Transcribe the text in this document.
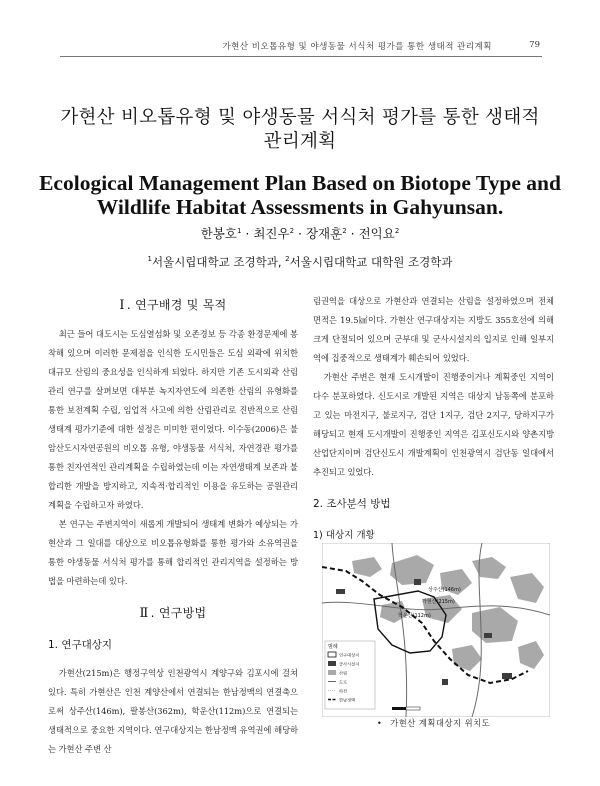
가현산 비오톱유형 및 야생동물 서식처 평가를 통한 생태적 관리계획	79
가현산 비오톱유형 및 야생동물 서식처 평가를 통한 생태적
관리계획
Ecological Management Plan Based on Biotope Type and
Wildlife Habitat Assessments in Gahyunsan.
한봉호$^1$ · 최진우$^2$ · 장재훈$^2$ · 전익요$^2$
$^1$서울시립대학교 조경학과, $^2$서울시립대학교 대학원 조경학과
Ⅰ . 연구배경 및 목적

최근 들어 대도시는 도심열섬화 및 오존경보 등 각종 환경문제에 봉착해 있으며 이러한 문제점을 인식한 도시민들은 도심 외곽에 위치한 대규모 산림의 중요성을 인식하게 되었다. 하지만 기존 도시외곽 산림 관리 연구를 살펴보면 대부분 녹지자연도에 의존한 산림의 유형화를 통한 보전계획 수립, 임업적 사고에 의한 산림관리로 진반적으로 산림생태계 평가기준에 대한 설정은 미미한 편이었다. 이수동(2006)은 불암산도시자연공원의 비오톱 유형, 야생동물 서식처, 자연경관 평가를 통한 친자연적인 관리계획을 수립하였는데 이는 자연생태계 보존과 불합리한 개발을 방지하고, 지속적·합리적인 이용을 유도하는 공원관리계획을 수립하고자 하였다.

본 연구는 주변지역이 새롭게 개발되어 생태계 변화가 예상되는 가현산과 그 일대를 대상으로 비오톱유형화를 통한 평가와 소유역권을 통한 야생동물 서식처 평가를 통해 합리적인 관리지역을 설정하는 방법을 마련하는데 있다.

Ⅱ . 연구방법
1. 연구대상지

가현산(215m)은 행정구역상 인천광역시 계양구와 김포시에 걸쳐있다. 특히 가현산은 인천 계양산에서 연결되는 한남정맥의 연결축으로써 상주산(146m), 팔봉산(362m), 학운산(112m)으로 연결되는 생태적으로 중요한 지역이다. 연구대상지는 한남정맥 유역권에 해당하는 가현산 주변 산

림권역을 대상으로 가현산과 연결되는 산림을 설정하였으며 전체 면적은 19.5㎢이다. 가현산 연구대상지는 지방도 355호선에 의해 크게 단절되어 있으며 군부대 및 군사시설지의 입지로 인해 일부지역에 집중적으로 생태계가 훼손되어 있었다.

가현산 주변은 현재 도시개발이 진행중이거나 계획중인 지역이 다수 분포하였다. 신도시로 개발된 지역은 대상지 남동쪽에 분포하고 있는 마전지구, 불로지구, 검단 1지구, 검단 2지구, 당하지구가 해당되고 현재 도시개발이 진행중인 지역은 김포신도시와 양촌지방산업단지이며 검단신도시 개발계획이 인천광역시 검단동 일대에서 추진되고 있었다.

2. 조사분석 방법
1) 대상지 개황
가현산(215m)
학운산(112m)
상주산(146m)
범례
연구대상지
군사시설지
산림
도로
하천
한남정맥
• 가현산 계획대상지 위치도
